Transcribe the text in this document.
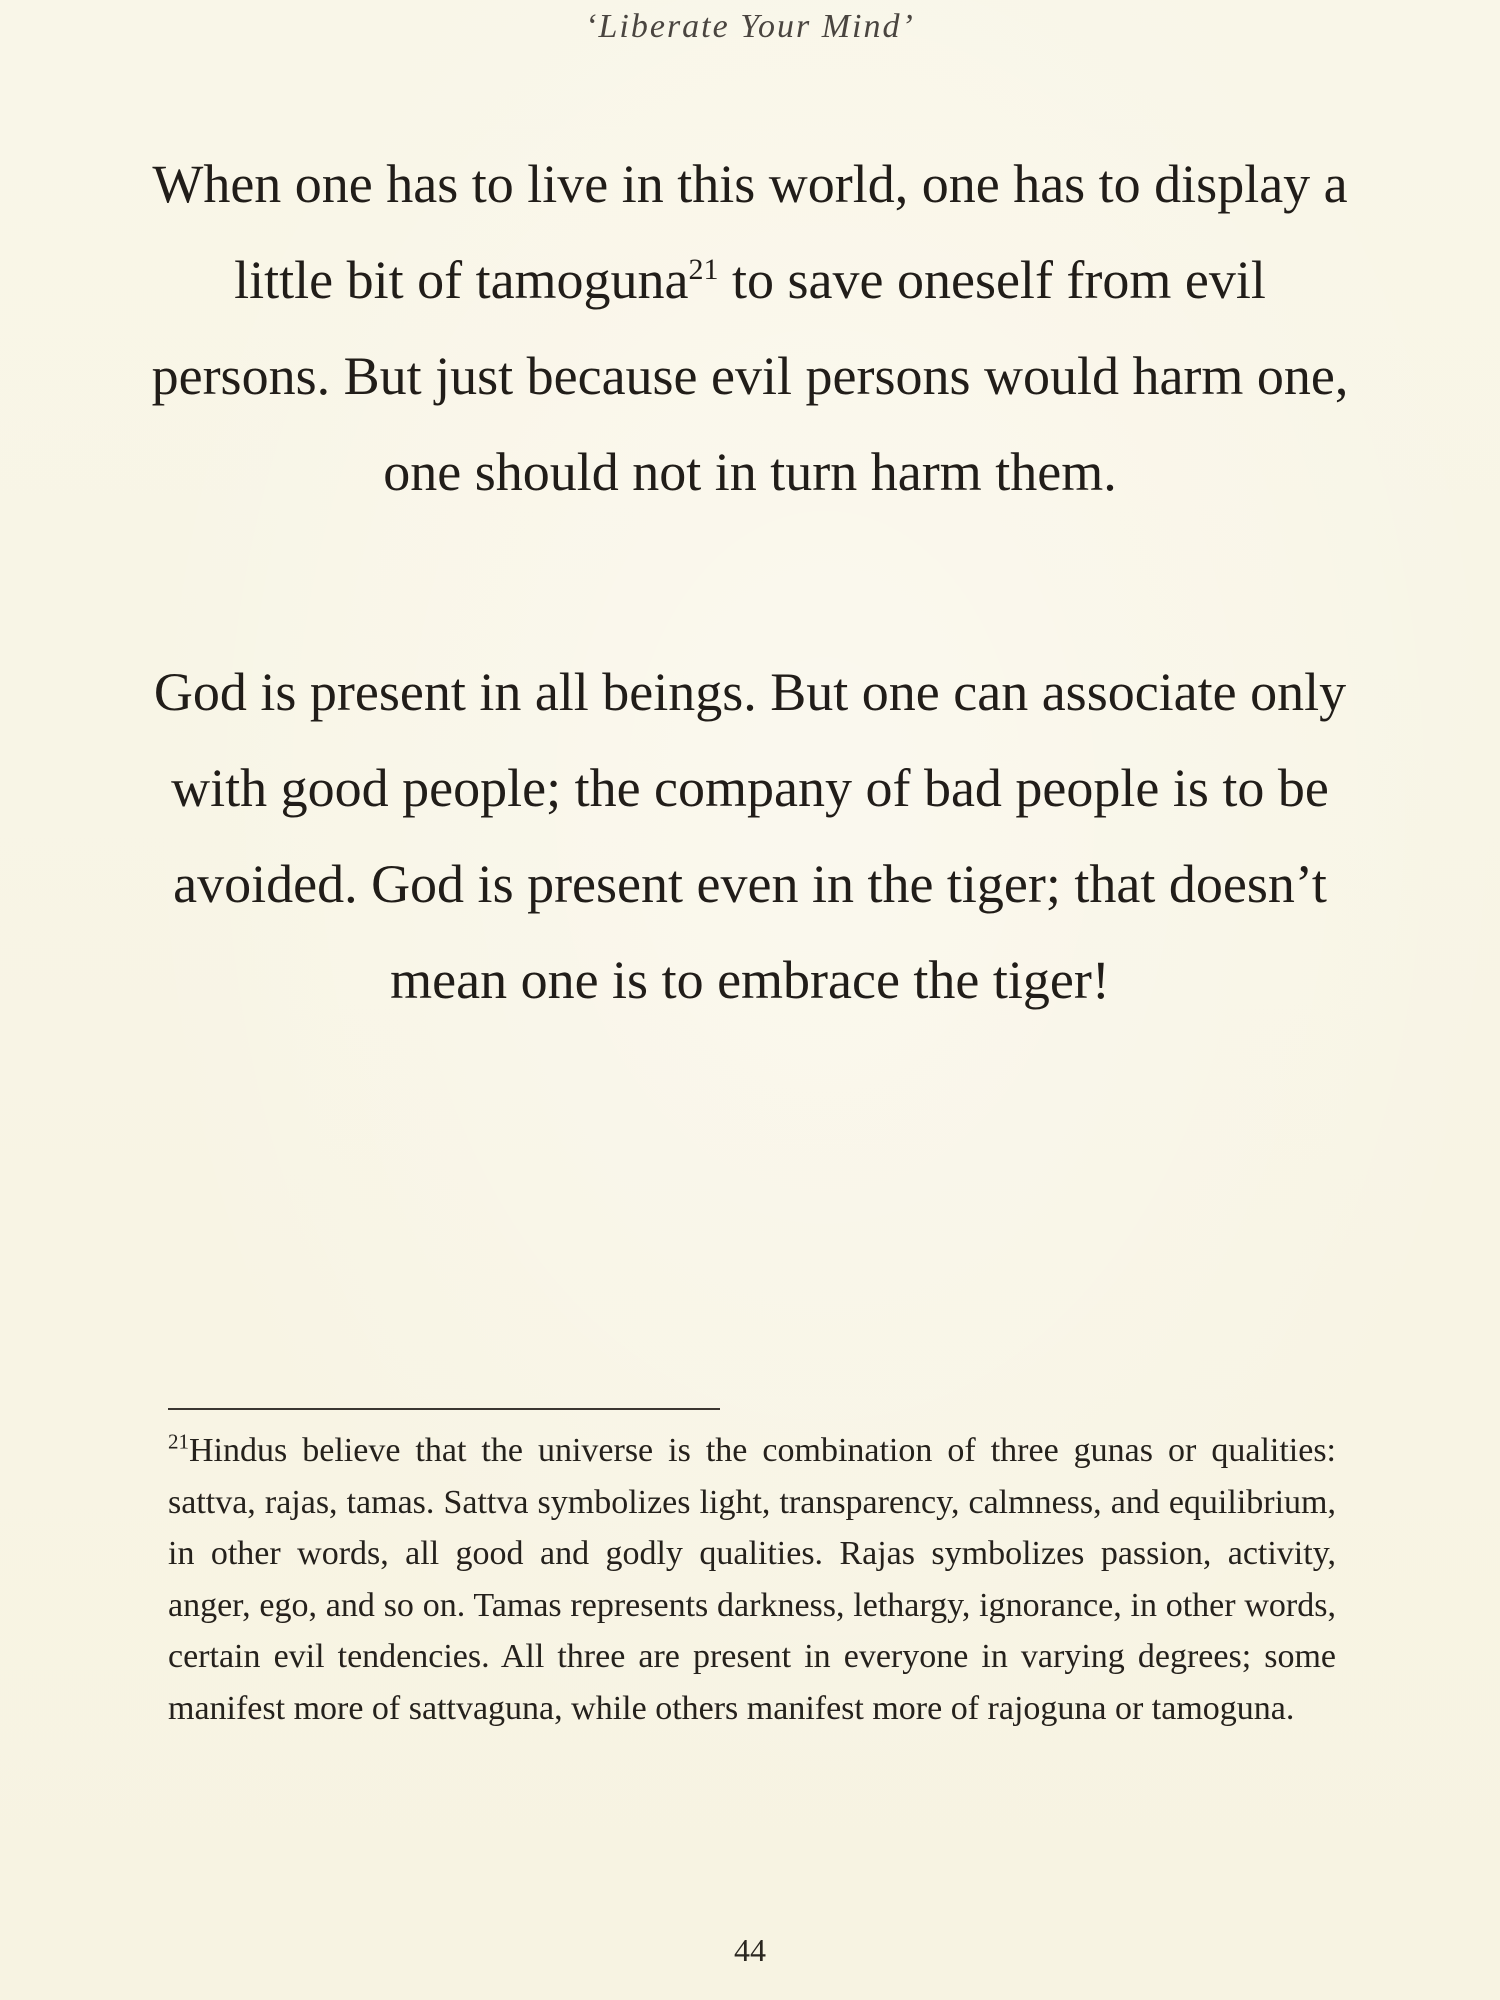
‘Liberate Your Mind’

When one has to live in this world, one has to display a little bit of tamoguna$^{21}$ to save oneself from evil persons. But just because evil persons would harm one, one should not in turn harm them.

God is present in all beings. But one can associate only with good people; the company of bad people is to be avoided. God is present even in the tiger; that doesn’t mean one is to embrace the tiger!

$^{21}$Hindus believe that the universe is the combination of three gunas or qualities: sattva, rajas, tamas. Sattva symbolizes light, transparency, calmness, and equilibrium, in other words, all good and godly qualities. Rajas symbolizes passion, activity, anger, ego, and so on. Tamas represents darkness, lethargy, ignorance, in other words, certain evil tendencies. All three are present in everyone in varying degrees; some manifest more of sattvaguna, while others manifest more of rajoguna or tamoguna.

44
